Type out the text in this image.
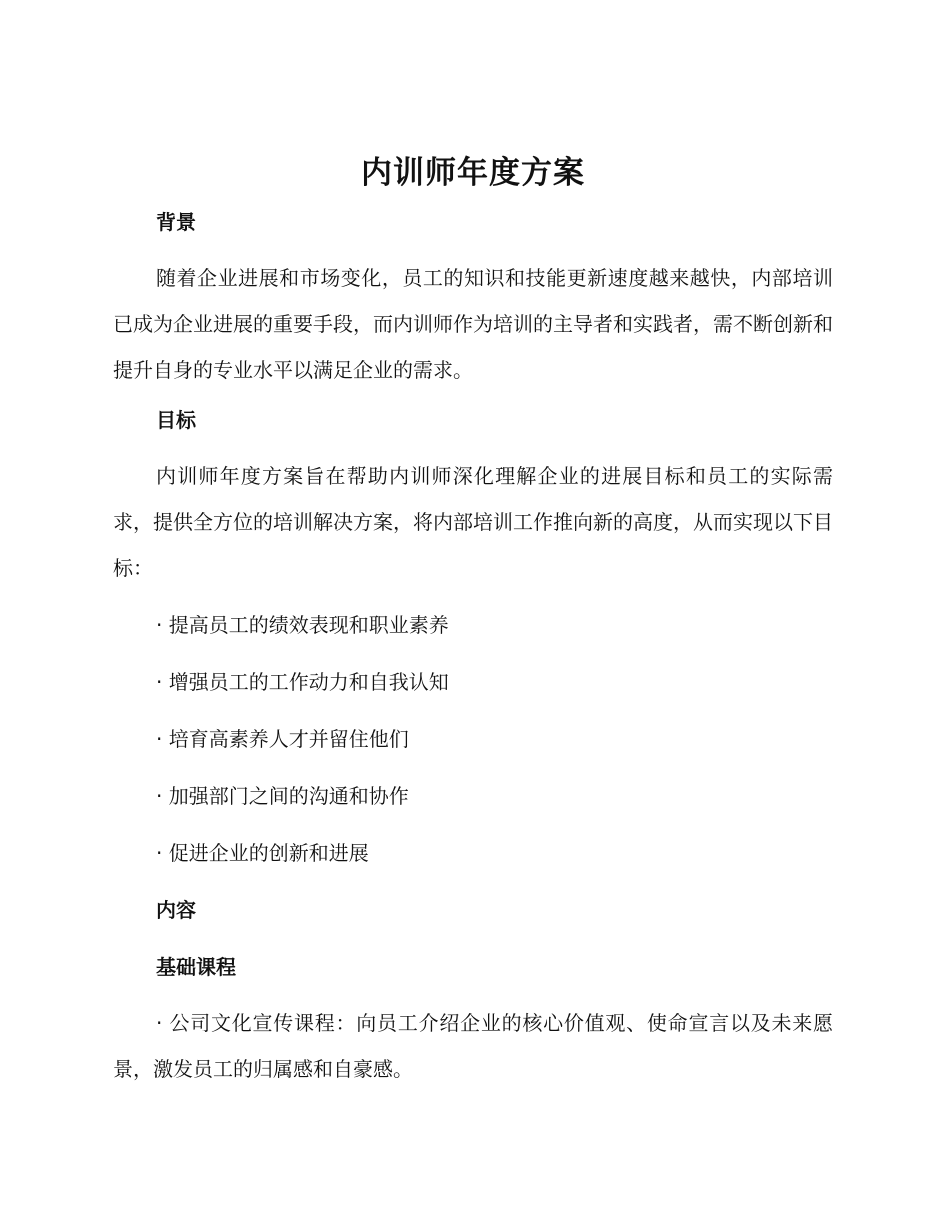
内训师年度方案
背景

随着企业进展和市场变化，员工的知识和技能更新速度越来越快，内部培训已成为企业进展的重要手段，而内训师作为培训的主导者和实践者，需不断创新和提升自身的专业水平以满足企业的需求。

目标

内训师年度方案旨在帮助内训师深化理解企业的进展目标和员工的实际需求，提供全方位的培训解决方案，将内部培训工作推向新的高度，从而实现以下目标：

· 提高员工的绩效表现和职业素养
· 增强员工的工作动力和自我认知
· 培育高素养人才并留住他们
· 加强部门之间的沟通和协作
· 促进企业的创新和进展
内容
基础课程

· 公司文化宣传课程：向员工介绍企业的核心价值观、使命宣言以及未来愿景，激发员工的归属感和自豪感。
